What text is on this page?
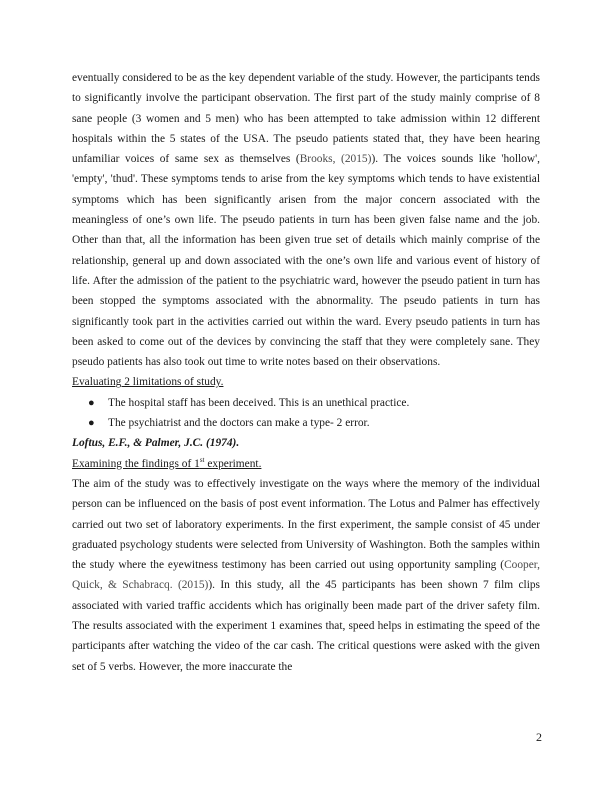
eventually considered to be as the key dependent variable of the study. However, the participants tends to significantly involve the participant observation. The first part of the study mainly comprise of 8 sane people (3 women and 5 men) who has been attempted to take admission within 12 different hospitals within the 5 states of the USA. The pseudo patients stated that, they have been hearing unfamiliar voices of same sex as themselves (Brooks, (2015)). The voices sounds like 'hollow', 'empty', 'thud'. These symptoms tends to arise from the key symptoms which tends to have existential symptoms which has been significantly arisen from the major concern associated with the meaningless of one’s own life. The pseudo patients in turn has been given false name and the job. Other than that, all the information has been given true set of details which mainly comprise of the relationship, general up and down associated with the one’s own life and various event of history of life. After the admission of the patient to the psychiatric ward, however the pseudo patient in turn has been stopped the symptoms associated with the abnormality. The pseudo patients in turn has significantly took part in the activities carried out within the ward. Every pseudo patients in turn has been asked to come out of the devices by convincing the staff that they were completely sane. They pseudo patients has also took out time to write notes based on their observations.

Evaluating 2 limitations of study.

● The hospital staff has been deceived. This is an unethical practice.
● The psychiatrist and the doctors can make a type- 2 error.

Loftus, E.F., & Palmer, J.C. (1974).

Examining the findings of 1st experiment.

The aim of the study was to effectively investigate on the ways where the memory of the individual person can be influenced on the basis of post event information. The Lotus and Palmer has effectively carried out two set of laboratory experiments. In the first experiment, the sample consist of 45 under graduated psychology students were selected from University of Washington. Both the samples within the study where the eyewitness testimony has been carried out using opportunity sampling (Cooper, Quick, & Schabracq. (2015)). In this study, all the 45 participants has been shown 7 film clips associated with varied traffic accidents which has originally been made part of the driver safety film. The results associated with the experiment 1 examines that, speed helps in estimating the speed of the participants after watching the video of the car cash. The critical questions were asked with the given set of 5 verbs. However, the more inaccurate the

2
